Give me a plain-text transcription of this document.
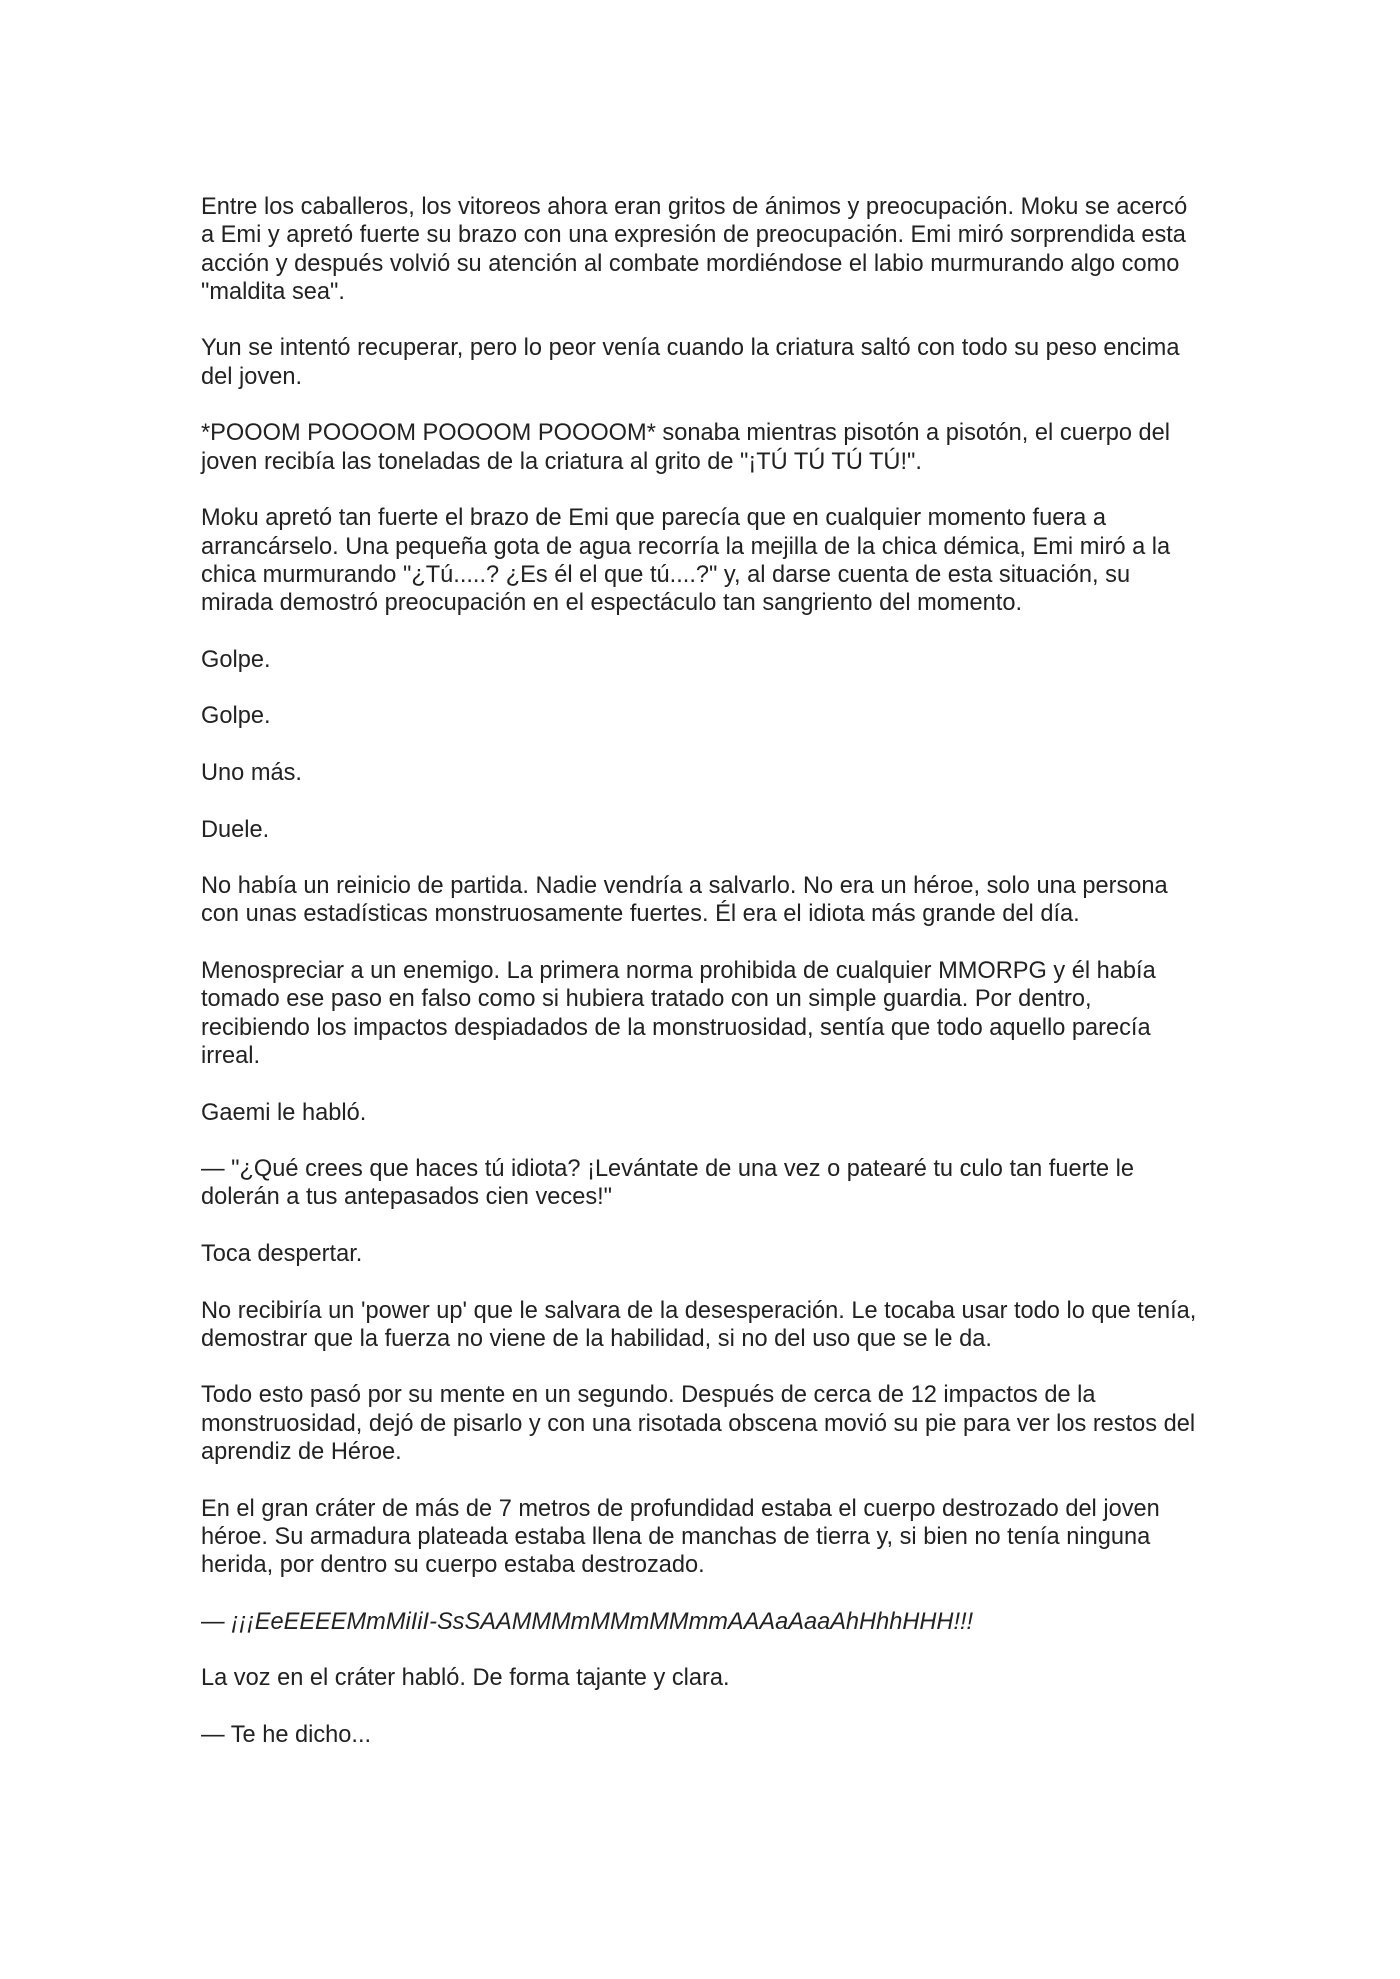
Entre los caballeros, los vitoreos ahora eran gritos de ánimos y preocupación. Moku se acercó a Emi y apretó fuerte su brazo con una expresión de preocupación. Emi miró sorprendida esta acción y después volvió su atención al combate mordiéndose el labio murmurando algo como "maldita sea".

Yun se intentó recuperar, pero lo peor venía cuando la criatura saltó con todo su peso encima del joven.

*POOOM POOOOM POOOOM POOOOM* sonaba mientras pisotón a pisotón, el cuerpo del joven recibía las toneladas de la criatura al grito de "¡TÚ TÚ TÚ TÚ!".

Moku apretó tan fuerte el brazo de Emi que parecía que en cualquier momento fuera a arrancárselo. Una pequeña gota de agua recorría la mejilla de la chica démica, Emi miró a la chica murmurando "¿Tú.....? ¿Es él el que tú....?" y, al darse cuenta de esta situación, su mirada demostró preocupación en el espectáculo tan sangriento del momento.

Golpe.

Golpe.

Uno más.

Duele.

No había un reinicio de partida. Nadie vendría a salvarlo. No era un héroe, solo una persona con unas estadísticas monstruosamente fuertes. Él era el idiota más grande del día.

Menospreciar a un enemigo. La primera norma prohibida de cualquier MMORPG y él había tomado ese paso en falso como si hubiera tratado con un simple guardia. Por dentro, recibiendo los impactos despiadados de la monstruosidad, sentía que todo aquello parecía irreal.

Gaemi le habló.

— "¿Qué crees que haces tú idiota? ¡Levántate de una vez o patearé tu culo tan fuerte le dolerán a tus antepasados cien veces!"

Toca despertar.

No recibiría un 'power up' que le salvara de la desesperación. Le tocaba usar todo lo que tenía, demostrar que la fuerza no viene de la habilidad, si no del uso que se le da.

Todo esto pasó por su mente en un segundo. Después de cerca de 12 impactos de la monstruosidad, dejó de pisarlo y con una risotada obscena movió su pie para ver los restos del aprendiz de Héroe.

En el gran cráter de más de 7 metros de profundidad estaba el cuerpo destrozado del joven héroe. Su armadura plateada estaba llena de manchas de tierra y, si bien no tenía ninguna herida, por dentro su cuerpo estaba destrozado.

— ¡¡¡EeEEEEMmMiIiI-SsSAAMMMmMMmMMmmAAAaAaaAhHhhHHH!!!

La voz en el cráter habló. De forma tajante y clara.

— Te he dicho...
